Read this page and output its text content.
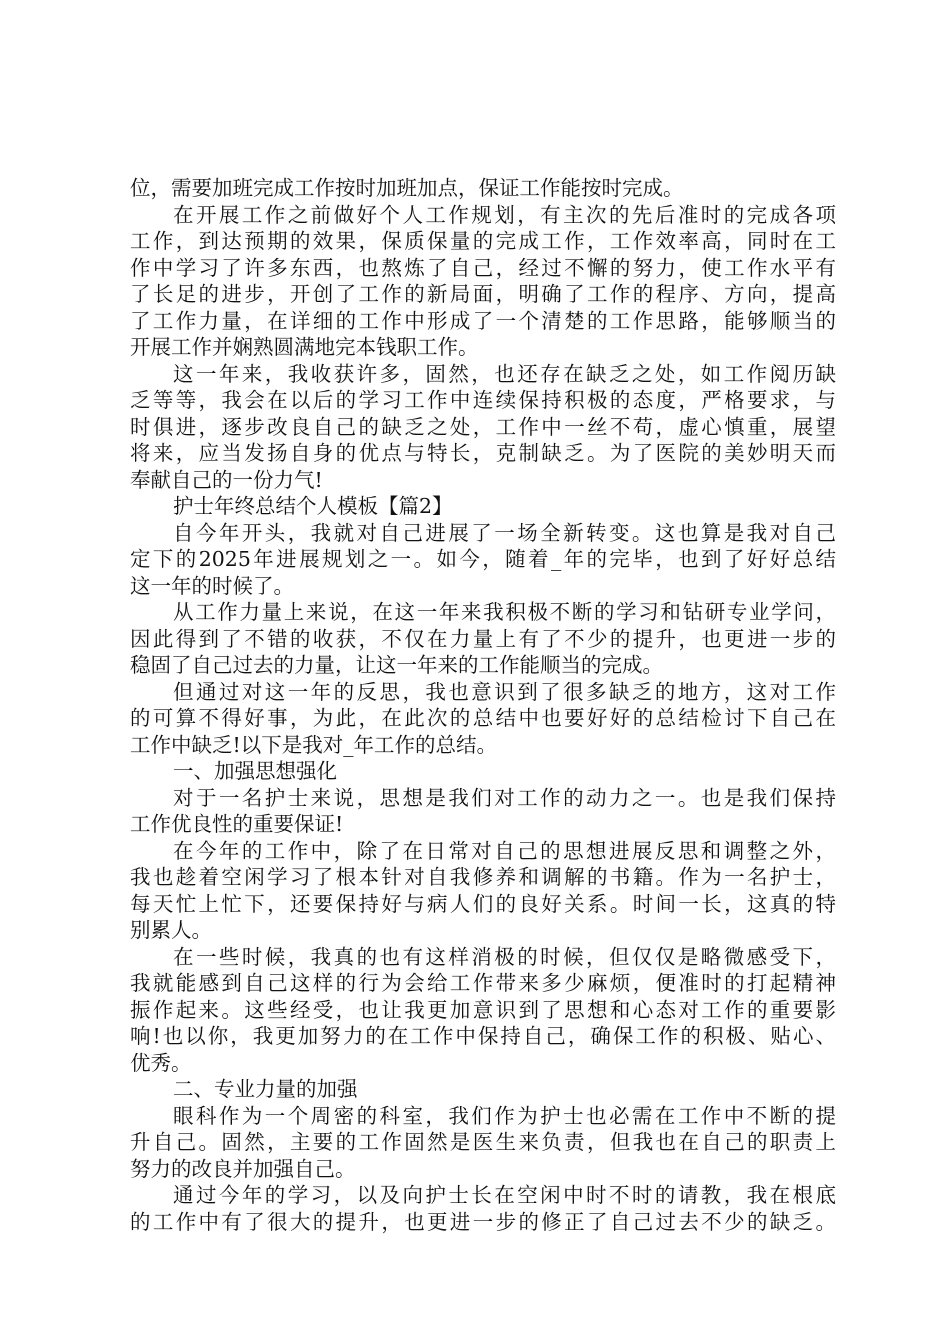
位，需要加班完成工作按时加班加点，保证工作能按时完成。
在开展工作之前做好个人工作规划，有主次的先后准时的完成各项
工作，到达预期的效果，保质保量的完成工作，工作效率高，同时在工
作中学习了许多东西，也熬炼了自己，经过不懈的努力，使工作水平有
了长足的进步，开创了工作的新局面，明确了工作的程序、方向，提高
了工作力量，在详细的工作中形成了一个清楚的工作思路，能够顺当的
开展工作并娴熟圆满地完本钱职工作。
这一年来，我收获许多，固然，也还存在缺乏之处，如工作阅历缺
乏等等，我会在以后的学习工作中连续保持积极的态度，严格要求，与
时俱进，逐步改良自己的缺乏之处，工作中一丝不苟，虚心慎重，展望
将来，应当发扬自身的优点与特长，克制缺乏。为了医院的美妙明天而
奉献自己的一份力气!
护士年终总结个人模板【篇2】
自今年开头，我就对自己进展了一场全新转变。这也算是我对自己
定下的2025年进展规划之一。如今，随着_年的完毕，也到了好好总结
这一年的时候了。
从工作力量上来说，在这一年来我积极不断的学习和钻研专业学问，
因此得到了不错的收获，不仅在力量上有了不少的提升，也更进一步的
稳固了自己过去的力量，让这一年来的工作能顺当的完成。
但通过对这一年的反思，我也意识到了很多缺乏的地方，这对工作
的可算不得好事，为此，在此次的总结中也要好好的总结检讨下自己在
工作中缺乏!以下是我对_年工作的总结。
一、加强思想强化
对于一名护士来说，思想是我们对工作的动力之一。也是我们保持
工作优良性的重要保证!
在今年的工作中，除了在日常对自己的思想进展反思和调整之外，
我也趁着空闲学习了根本针对自我修养和调解的书籍。作为一名护士，
每天忙上忙下，还要保持好与病人们的良好关系。时间一长，这真的特
别累人。
在一些时候，我真的也有这样消极的时候，但仅仅是略微感受下，
我就能感到自己这样的行为会给工作带来多少麻烦，便准时的打起精神
振作起来。这些经受，也让我更加意识到了思想和心态对工作的重要影
响!也以你，我更加努力的在工作中保持自己，确保工作的积极、贴心、
优秀。
二、专业力量的加强
眼科作为一个周密的科室，我们作为护士也必需在工作中不断的提
升自己。固然，主要的工作固然是医生来负责，但我也在自己的职责上
努力的改良并加强自己。
通过今年的学习，以及向护士长在空闲中时不时的请教，我在根底
的工作中有了很大的提升，也更进一步的修正了自己过去不少的缺乏。
